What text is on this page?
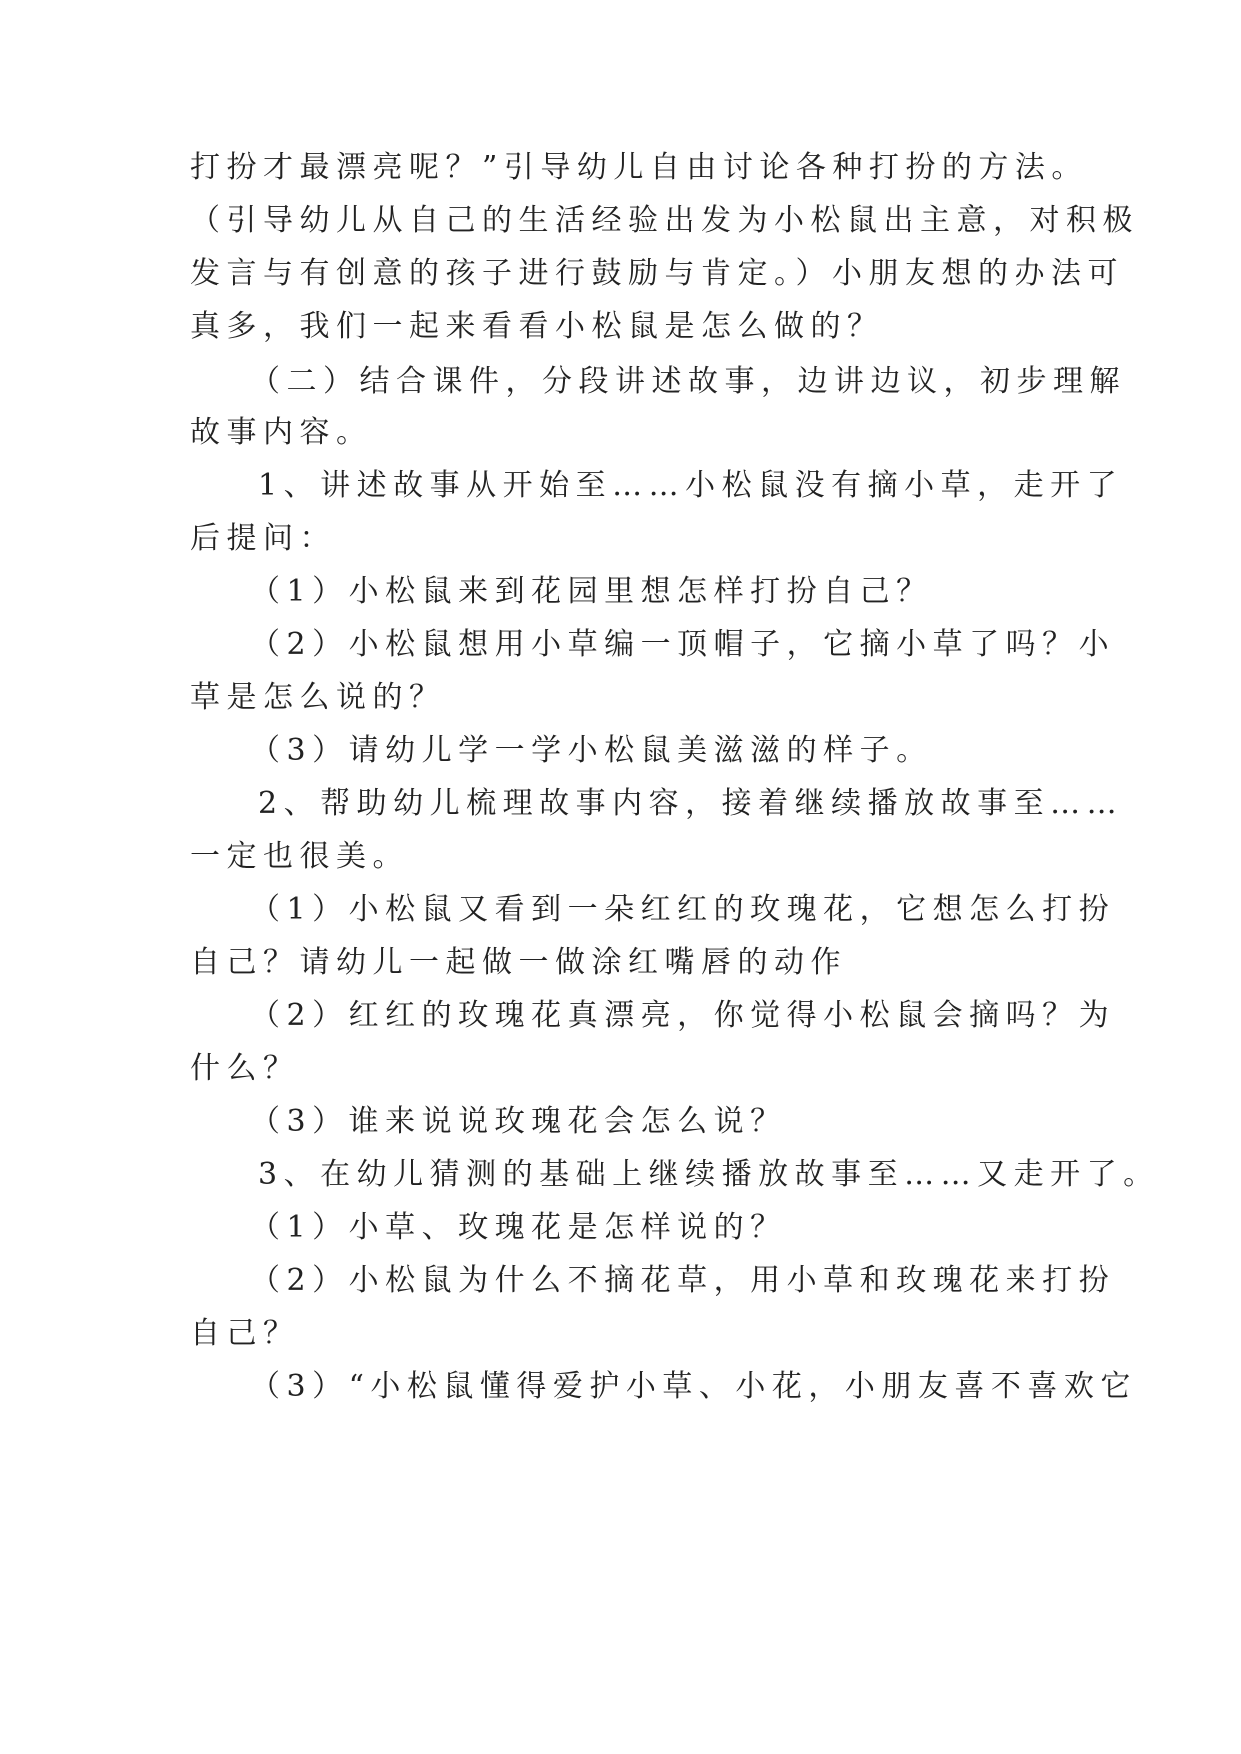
打扮才最漂亮呢？”引导幼儿自由讨论各种打扮的方法。
（引导幼儿从自己的生活经验出发为小松鼠出主意，对积极
发言与有创意的孩子进行鼓励与肯定。）小朋友想的办法可
真多，我们一起来看看小松鼠是怎么做的？
（二）结合课件，分段讲述故事，边讲边议，初步理解
故事内容。
1、讲述故事从开始至……小松鼠没有摘小草，走开了
后提问：
（1）小松鼠来到花园里想怎样打扮自己？
（2）小松鼠想用小草编一顶帽子，它摘小草了吗？小
草是怎么说的？
（3）请幼儿学一学小松鼠美滋滋的样子。
2、帮助幼儿梳理故事内容，接着继续播放故事至……
一定也很美。
（1）小松鼠又看到一朵红红的玫瑰花，它想怎么打扮
自己？请幼儿一起做一做涂红嘴唇的动作
（2）红红的玫瑰花真漂亮，你觉得小松鼠会摘吗？为
什么？
（3）谁来说说玫瑰花会怎么说？
3、在幼儿猜测的基础上继续播放故事至……又走开了。
（1）小草、玫瑰花是怎样说的？
（2）小松鼠为什么不摘花草，用小草和玫瑰花来打扮
自己？
（3）“小松鼠懂得爱护小草、小花，小朋友喜不喜欢它
